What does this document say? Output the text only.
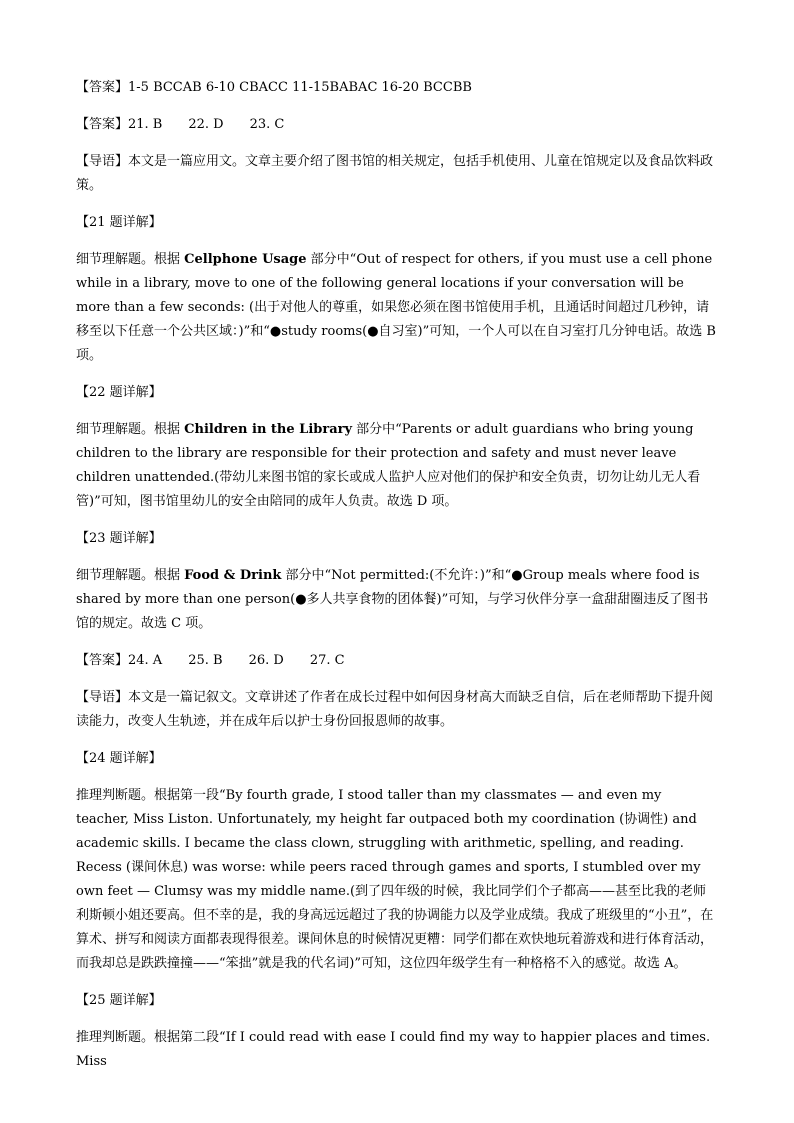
【答案】1-5 BCCAB 6-10 CBACC 11-15BABAC 16-20 BCCBB

【答案】21. B 22. D 23. C

【导语】本文是一篇应用文。文章主要介绍了图书馆的相关规定，包括手机使用、儿童在馆规定以及食品饮料政策。

【21 题详解】

细节理解题。根据 Cellphone Usage 部分中“Out of respect for others, if you must use a cell phone while in a library, move to one of the following general locations if your conversation will be more than a few seconds: (出于对他人的尊重，如果您必须在图书馆使用手机，且通话时间超过几秒钟，请移至以下任意一个公共区域：)”和“●study rooms(●自习室)”可知，一个人可以在自习室打几分钟电话。故选 B 项。

【22 题详解】

细节理解题。根据 Children in the Library 部分中“Parents or adult guardians who bring young children to the library are responsible for their protection and safety and must never leave children unattended.(带幼儿来图书馆的家长或成人监护人应对他们的保护和安全负责，切勿让幼儿无人看管)”可知，图书馆里幼儿的安全由陪同的成年人负责。故选 D 项。

【23 题详解】

细节理解题。根据 Food & Drink 部分中“Not permitted:(不允许：)”和“●Group meals where food is shared by more than one person(●多人共享食物的团体餐)”可知，与学习伙伴分享一盒甜甜圈违反了图书馆的规定。故选 C 项。

【答案】24. A 25. B 26. D 27. C

【导语】本文是一篇记叙文。文章讲述了作者在成长过程中如何因身材高大而缺乏自信，后在老师帮助下提升阅读能力，改变人生轨迹，并在成年后以护士身份回报恩师的故事。

【24 题详解】

推理判断题。根据第一段“By fourth grade, I stood taller than my classmates — and even my teacher, Miss Liston. Unfortunately, my height far outpaced both my coordination (协调性) and academic skills. I became the class clown, struggling with arithmetic, spelling, and reading. Recess (课间休息) was worse: while peers raced through games and sports, I stumbled over my own feet — Clumsy was my middle name.(到了四年级的时候，我比同学们个子都高——甚至比我的老师利斯顿小姐还要高。但不幸的是，我的身高远远超过了我的协调能力以及学业成绩。我成了班级里的“小丑”，在算术、拼写和阅读方面都表现得很差。课间休息的时候情况更糟：同学们都在欢快地玩着游戏和进行体育活动，而我却总是跌跌撞撞——“笨拙”就是我的代名词)”可知，这位四年级学生有一种格格不入的感觉。故选 A。

【25 题详解】

推理判断题。根据第二段“If I could read with ease I could find my way to happier places and times. Miss
